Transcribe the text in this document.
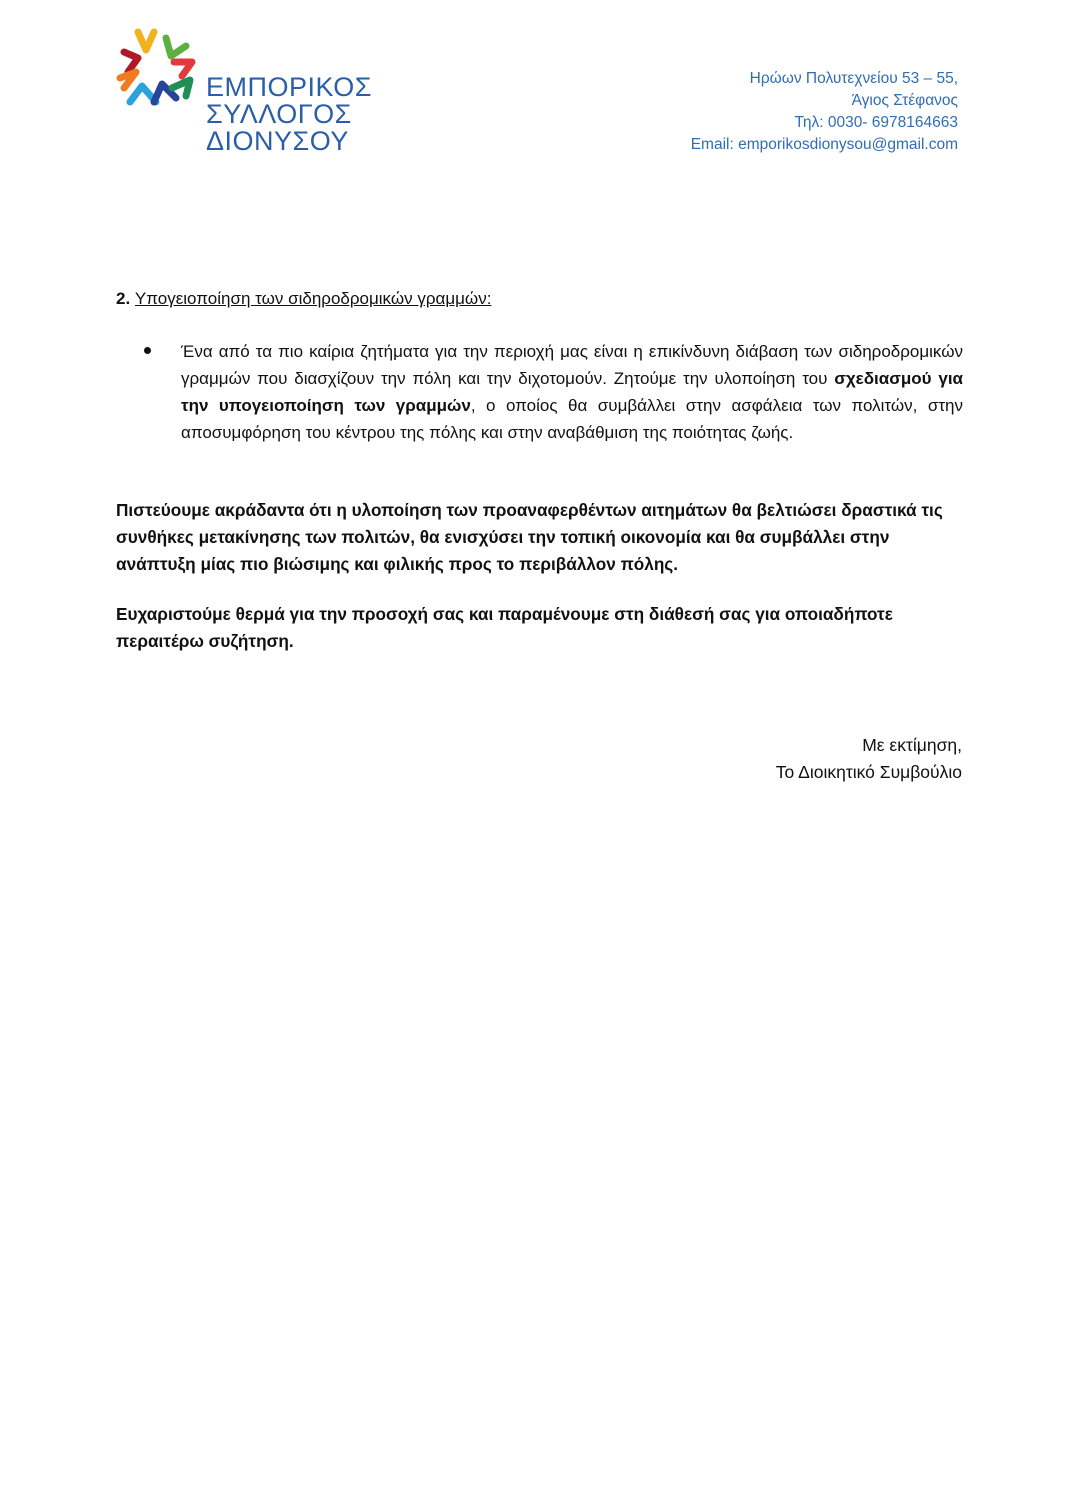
ΕΜΠΟΡΙΚΟΣ
ΣΥΛΛΟΓΟΣ
ΔΙΟΝΥΣΟΥ
Ηρώων Πολυτεχνείου 53 – 55,
Άγιος Στέφανος
Τηλ: 0030- 6978164663
Email: emporikosdionysou@gmail.com
2. Υπογειοποίηση των σιδηροδρομικών γραμμών:
Ένα από τα πιο καίρια ζητήματα για την περιοχή μας είναι η επικίνδυνη διάβαση των σιδηροδρομικών γραμμών που διασχίζουν την πόλη και την διχοτομούν. Ζητούμε την υλοποίηση του σχεδιασμού για την υπογειοποίηση των γραμμών, ο οποίος θα συμβάλλει στην ασφάλεια των πολιτών, στην αποσυμφόρηση του κέντρου της πόλης και στην αναβάθμιση της ποιότητας ζωής.
Πιστεύουμε ακράδαντα ότι η υλοποίηση των προαναφερθέντων αιτημάτων θα βελτιώσει δραστικά τις συνθήκες μετακίνησης των πολιτών, θα ενισχύσει την τοπική οικονομία και θα συμβάλλει στην ανάπτυξη μίας πιο βιώσιμης και φιλικής προς το περιβάλλον πόλης.
Ευχαριστούμε θερμά για την προσοχή σας και παραμένουμε στη διάθεσή σας για οποιαδήποτε περαιτέρω συζήτηση.
Με εκτίμηση,
Το Διοικητικό Συμβούλιο
